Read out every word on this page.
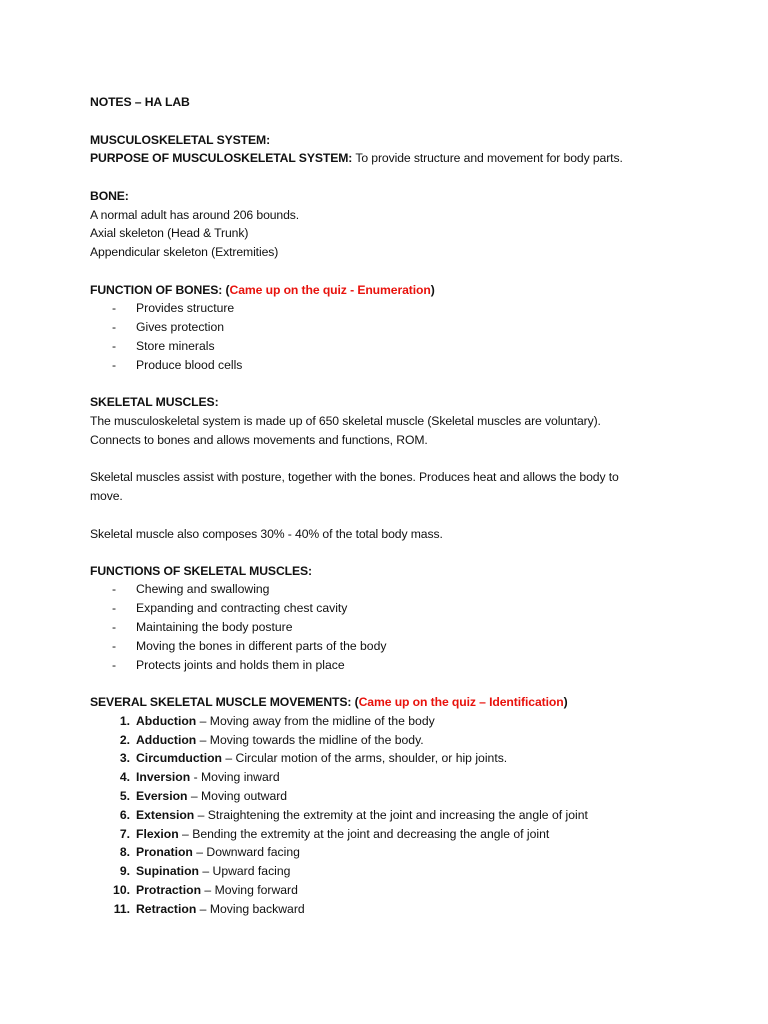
NOTES – HA LAB
MUSCULOSKELETAL SYSTEM:
PURPOSE OF MUSCULOSKELETAL SYSTEM: To provide structure and movement for body parts.
BONE:
A normal adult has around 206 bounds.
Axial skeleton (Head & Trunk)
Appendicular skeleton (Extremities)
FUNCTION OF BONES: (Came up on the quiz - Enumeration)
- Provides structure
- Gives protection
- Store minerals
- Produce blood cells
SKELETAL MUSCLES:
The musculoskeletal system is made up of 650 skeletal muscle (Skeletal muscles are voluntary).
Connects to bones and allows movements and functions, ROM.
Skeletal muscles assist with posture, together with the bones. Produces heat and allows the body to
move.
Skeletal muscle also composes 30% - 40% of the total body mass.
FUNCTIONS OF SKELETAL MUSCLES:
- Chewing and swallowing
- Expanding and contracting chest cavity
- Maintaining the body posture
- Moving the bones in different parts of the body
- Protects joints and holds them in place
SEVERAL SKELETAL MUSCLE MOVEMENTS: (Came up on the quiz – Identification)
1. Abduction – Moving away from the midline of the body
2. Adduction – Moving towards the midline of the body.
3. Circumduction – Circular motion of the arms, shoulder, or hip joints.
4. Inversion - Moving inward
5. Eversion – Moving outward
6. Extension – Straightening the extremity at the joint and increasing the angle of joint
7. Flexion – Bending the extremity at the joint and decreasing the angle of joint
8. Pronation – Downward facing
9. Supination – Upward facing
10. Protraction – Moving forward
11. Retraction – Moving backward
